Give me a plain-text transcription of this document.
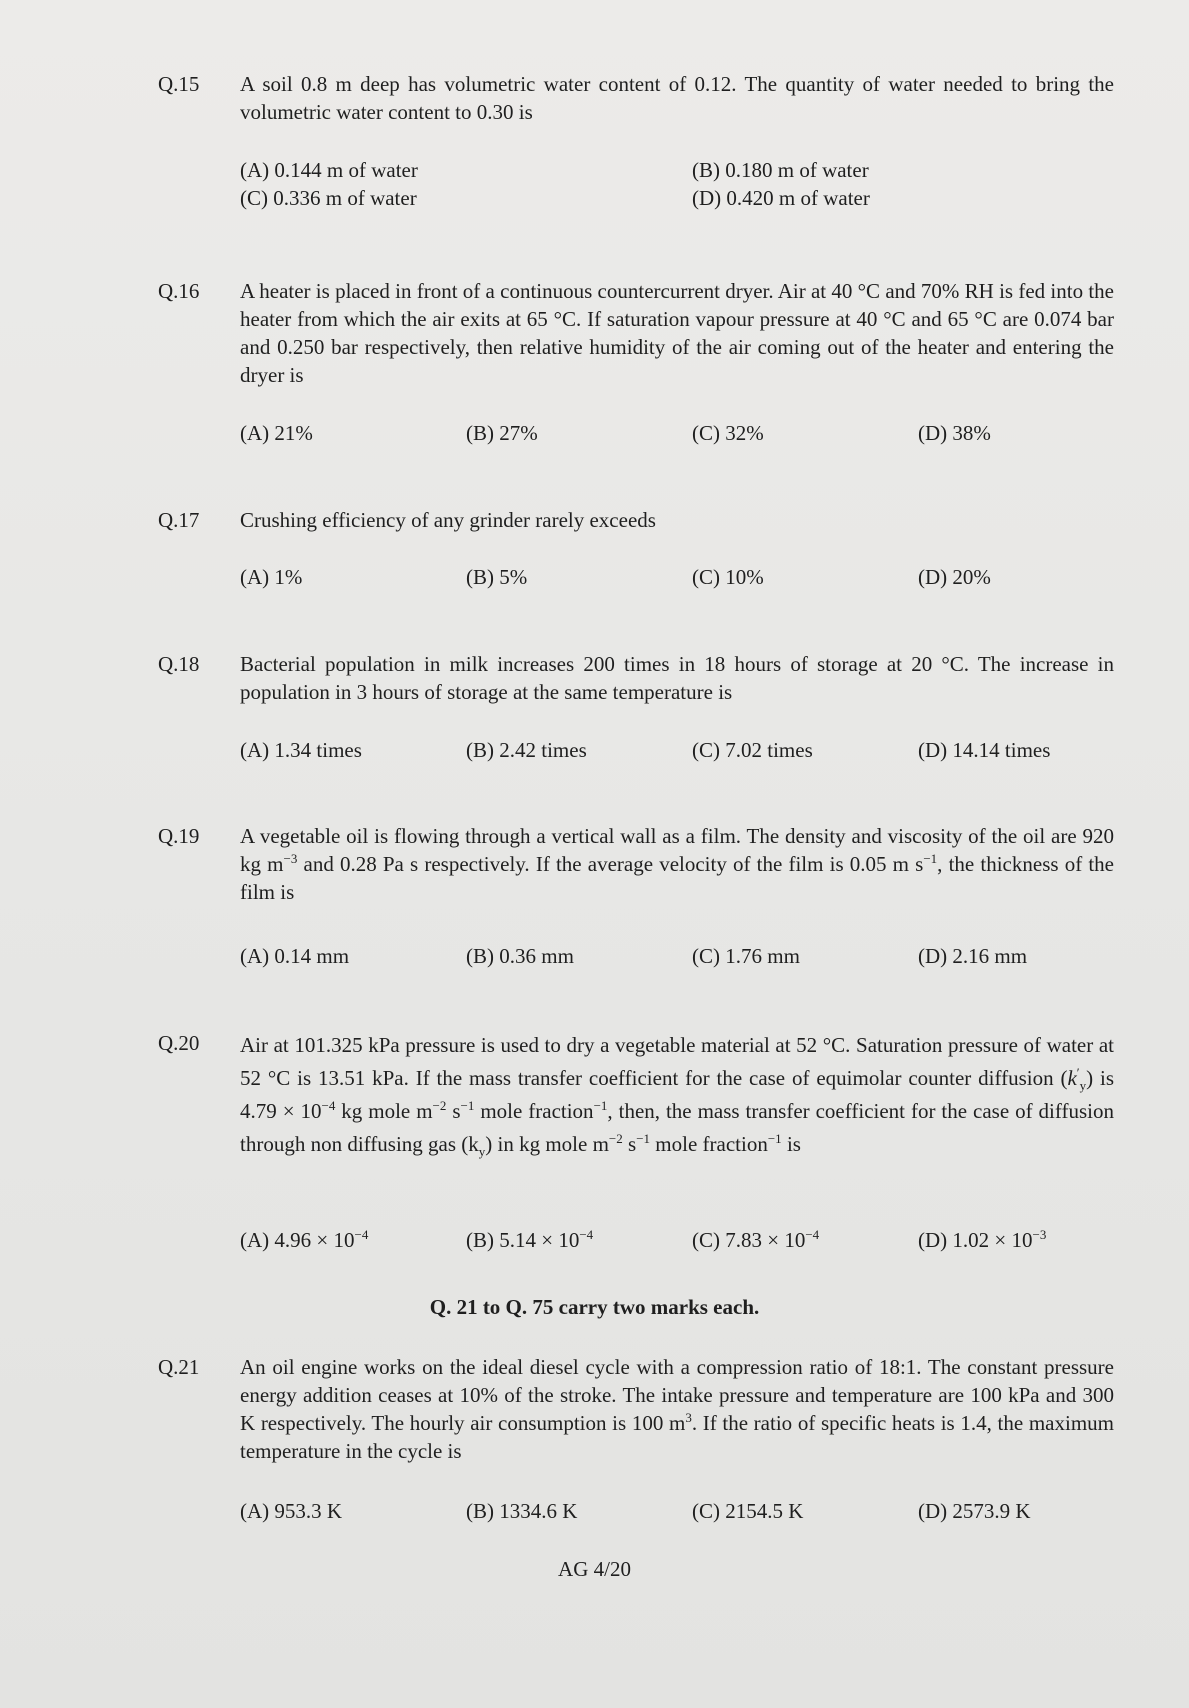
Q.15	A soil 0.8 m deep has volumetric water content of 0.12. The quantity of water needed to bring the volumetric water content to 0.30 is
(A) 0.144 m of water	(B) 0.180 m of water
(C) 0.336 m of water	(D) 0.420 m of water
Q.16	A heater is placed in front of a continuous countercurrent dryer. Air at 40 °C and 70% RH is fed into the heater from which the air exits at 65 °C. If saturation vapour pressure at 40 °C and 65 °C are 0.074 bar and 0.250 bar respectively, then relative humidity of the air coming out of the heater and entering the dryer is
(A) 21%	(B) 27%	(C) 32%	(D) 38%
Q.17	Crushing efficiency of any grinder rarely exceeds
(A) 1%	(B) 5%	(C) 10%	(D) 20%
Q.18	Bacterial population in milk increases 200 times in 18 hours of storage at 20 °C. The increase in population in 3 hours of storage at the same temperature is
(A) 1.34 times	(B) 2.42 times	(C) 7.02 times	(D) 14.14 times
Q.19	A vegetable oil is flowing through a vertical wall as a film. The density and viscosity of the oil are 920 kg $m^{-3}$ and 0.28 Pa s respectively. If the average velocity of the film is 0.05 m $s^{-1}$, the thickness of the film is
(A) 0.14 mm	(B) 0.36 mm	(C) 1.76 mm	(D) 2.16 mm
Q.20	Air at 101.325 kPa pressure is used to dry a vegetable material at 52 °C. Saturation pressure of water at 52 °C is 13.51 kPa. If the mass transfer coefficient for the case of equimolar counter diffusion $(k'_y)$ is $4.79 \times 10^{-4}$ kg mole $m^{-2}$ $s^{-1}$ mole fraction$^{-1}$, then, the mass transfer coefficient for the case of diffusion through non diffusing gas $(k_y)$ in kg mole $m^{-2}$ $s^{-1}$ mole fraction$^{-1}$ is
(A) $4.96 \times 10^{-4}$	(B) $5.14 \times 10^{-4}$	(C) $7.83 \times 10^{-4}$	(D) $1.02 \times 10^{-3}$
Q. 21 to Q. 75 carry two marks each.
Q.21	An oil engine works on the ideal diesel cycle with a compression ratio of 18:1. The constant pressure energy addition ceases at 10% of the stroke. The intake pressure and temperature are 100 kPa and 300 K respectively. The hourly air consumption is 100 $m^3$. If the ratio of specific heats is 1.4, the maximum temperature in the cycle is
(A) 953.3 K	(B) 1334.6 K	(C) 2154.5 K	(D) 2573.9 K
AG 4/20
